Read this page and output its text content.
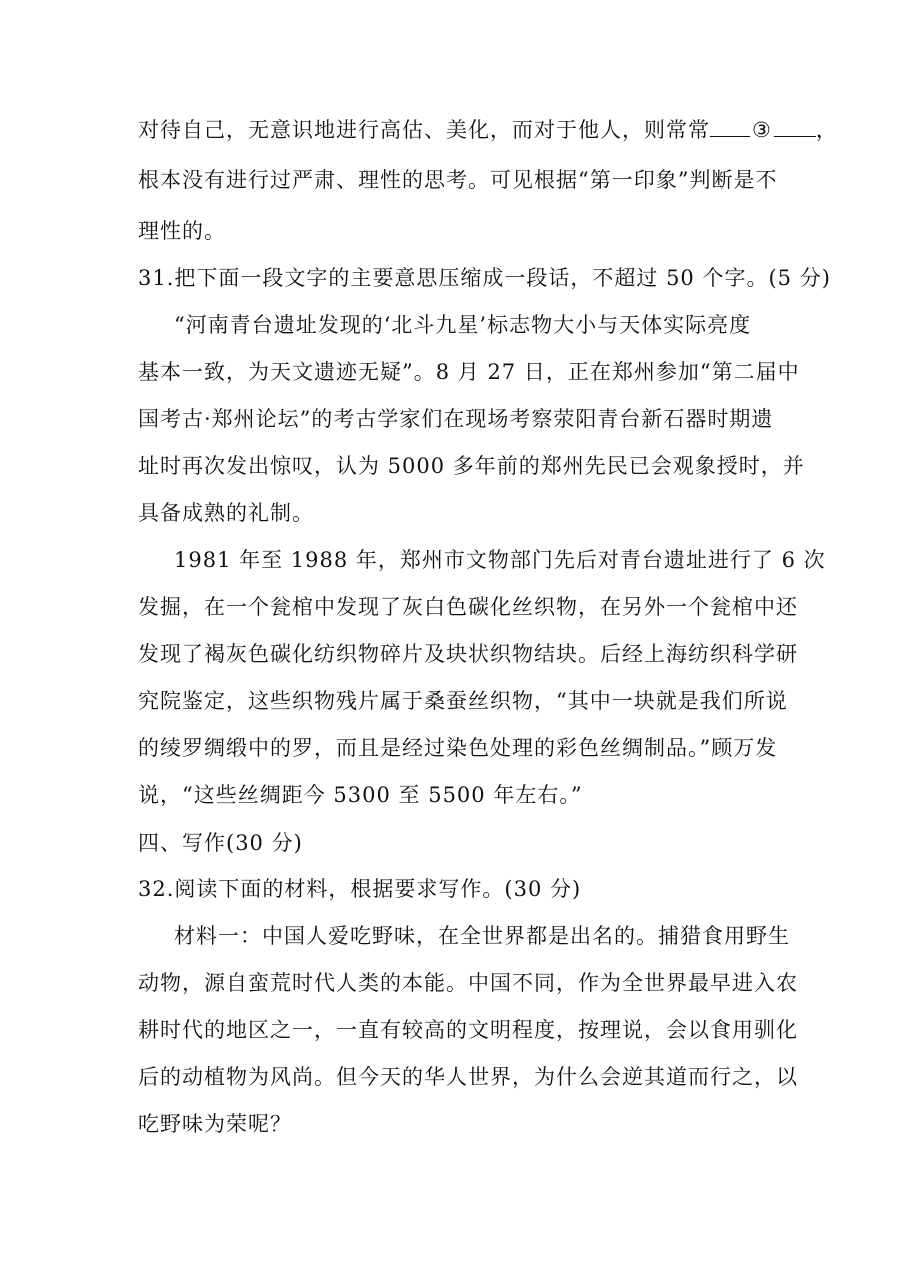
对待自己，无意识地进行高估、美化，而对于他人，则常常 ③ ，
根本没有进行过严肃、理性的思考。可见根据“第一印象”判断是不
理性的。
31.把下面一段文字的主要意思压缩成一段话，不超过 50 个字。(5 分)
“河南青台遗址发现的‘北斗九星’标志物大小与天体实际亮度
基本一致，为天文遗迹无疑”。8 月 27 日，正在郑州参加“第二届中
国考古·郑州论坛”的考古学家们在现场考察荥阳青台新石器时期遗
址时再次发出惊叹，认为 5000 多年前的郑州先民已会观象授时，并
具备成熟的礼制。
1981 年至 1988 年，郑州市文物部门先后对青台遗址进行了 6 次
发掘，在一个瓮棺中发现了灰白色碳化丝织物，在另外一个瓮棺中还
发现了褐灰色碳化纺织物碎片及块状织物结块。后经上海纺织科学研
究院鉴定，这些织物残片属于桑蚕丝织物，“其中一块就是我们所说
的绫罗绸缎中的罗，而且是经过染色处理的彩色丝绸制品。”顾万发
说，“这些丝绸距今 5300 至 5500 年左右。”
四、写作(30 分)
32.阅读下面的材料，根据要求写作。(30 分)
材料一：中国人爱吃野味，在全世界都是出名的。捕猎食用野生
动物，源自蛮荒时代人类的本能。中国不同，作为全世界最早进入农
耕时代的地区之一，一直有较高的文明程度，按理说，会以食用驯化
后的动植物为风尚。但今天的华人世界，为什么会逆其道而行之，以
吃野味为荣呢？
